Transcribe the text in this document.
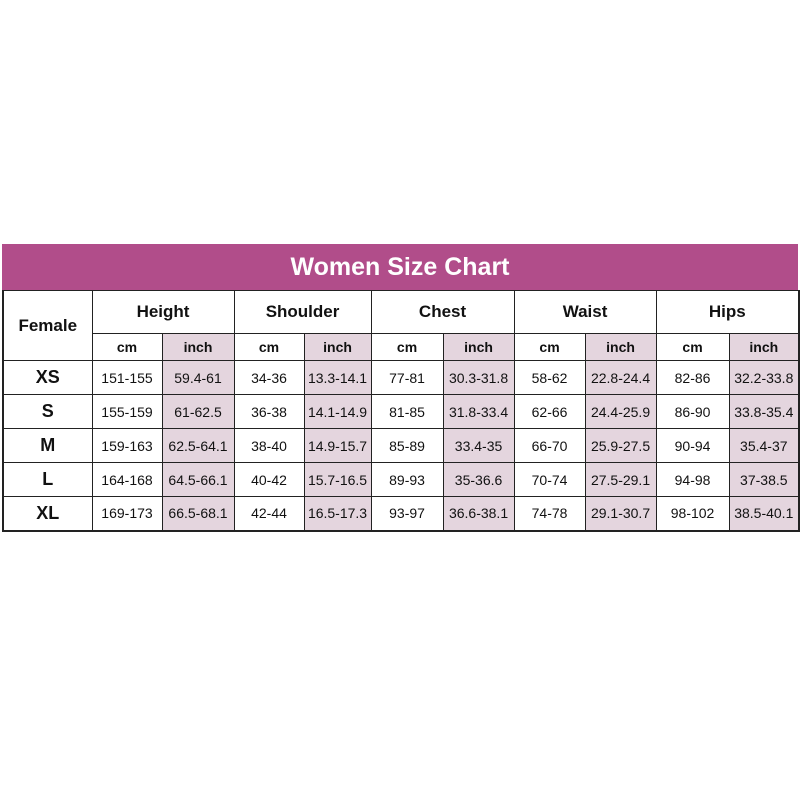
Women Size Chart
Female	Height		Shoulder		Chest		Waist		Hips	
	cm	inch	cm	inch	cm	inch	cm	inch	cm	inch
XS	151-155	59.4-61	34-36	13.3-14.1	77-81	30.3-31.8	58-62	22.8-24.4	82-86	32.2-33.8
S	155-159	61-62.5	36-38	14.1-14.9	81-85	31.8-33.4	62-66	24.4-25.9	86-90	33.8-35.4
M	159-163	62.5-64.1	38-40	14.9-15.7	85-89	33.4-35	66-70	25.9-27.5	90-94	35.4-37
L	164-168	64.5-66.1	40-42	15.7-16.5	89-93	35-36.6	70-74	27.5-29.1	94-98	37-38.5
XL	169-173	66.5-68.1	42-44	16.5-17.3	93-97	36.6-38.1	74-78	29.1-30.7	98-102	38.5-40.1
